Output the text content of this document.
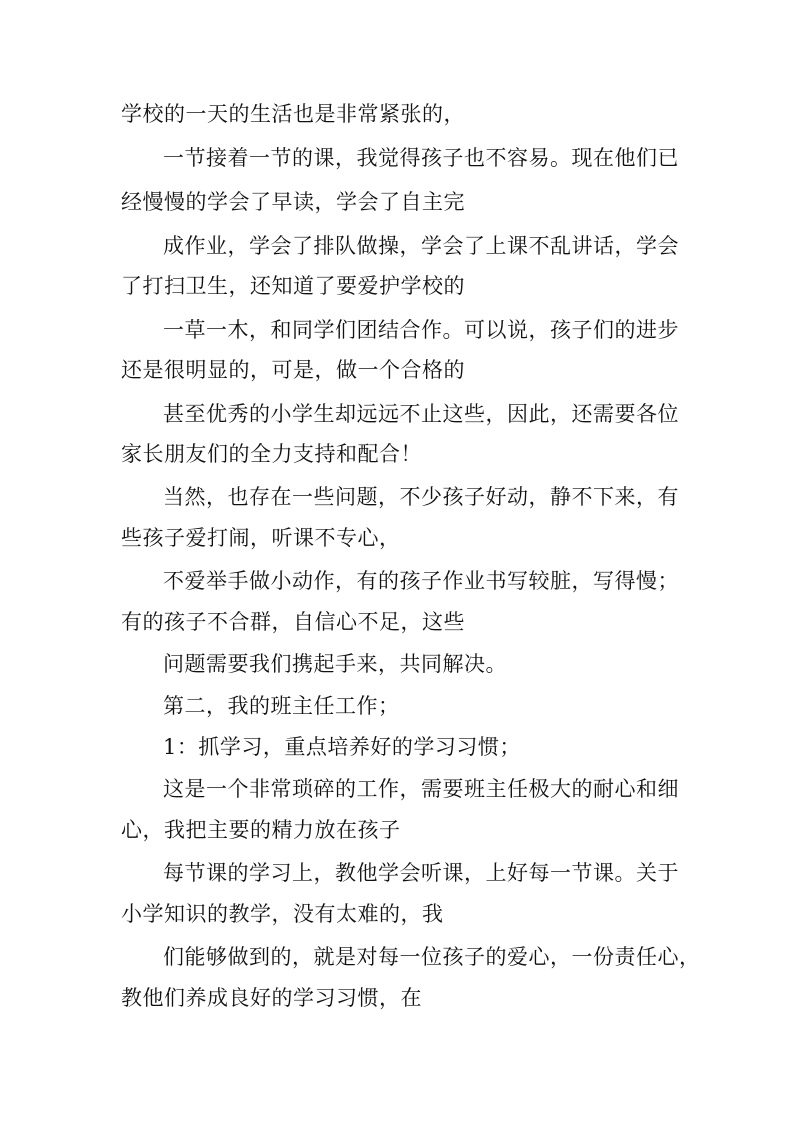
学校的一天的生活也是非常紧张的，
一节接着一节的课，我觉得孩子也不容易。现在他们已
经慢慢的学会了早读，学会了自主完
成作业，学会了排队做操，学会了上课不乱讲话，学会
了打扫卫生，还知道了要爱护学校的
一草一木，和同学们团结合作。可以说，孩子们的进步
还是很明显的，可是，做一个合格的
甚至优秀的小学生却远远不止这些，因此，还需要各位
家长朋友们的全力支持和配合！
当然，也存在一些问题，不少孩子好动，静不下来，有
些孩子爱打闹，听课不专心，
不爱举手做小动作，有的孩子作业书写较脏，写得慢；
有的孩子不合群，自信心不足，这些
问题需要我们携起手来，共同解决。
第二，我的班主任工作；
1：抓学习，重点培养好的学习习惯；
这是一个非常琐碎的工作，需要班主任极大的耐心和细
心，我把主要的精力放在孩子
每节课的学习上，教他学会听课，上好每一节课。关于
小学知识的教学，没有太难的，我
们能够做到的，就是对每一位孩子的爱心，一份责任心，
教他们养成良好的学习习惯，在
